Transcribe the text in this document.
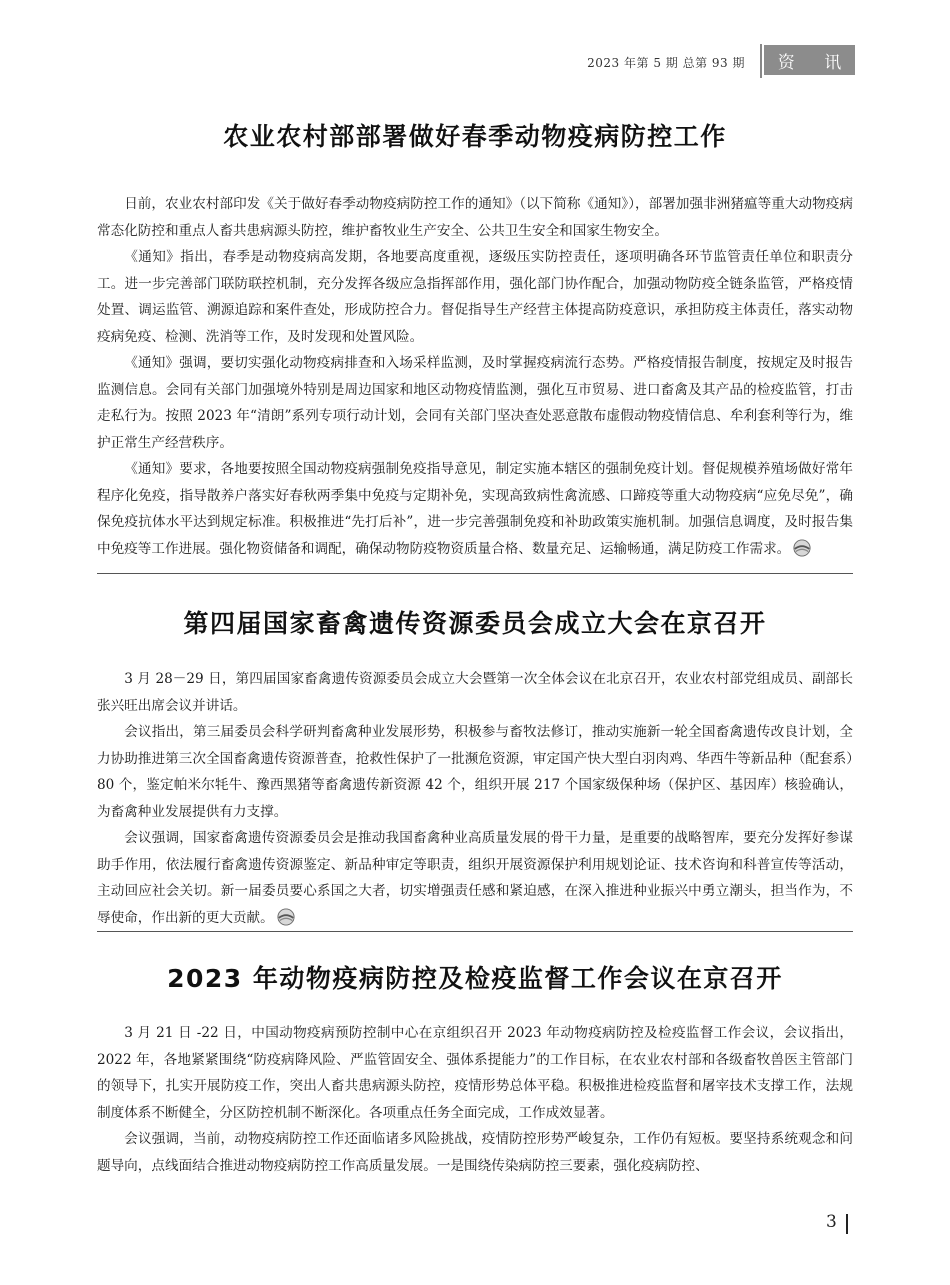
2023 年第 5 期 总第 93 期	资 讯
农业农村部部署做好春季动物疫病防控工作

日前，农业农村部印发《关于做好春季动物疫病防控工作的通知》（以下简称《通知》），部署加强非洲猪瘟等重大动物疫病常态化防控和重点人畜共患病源头防控，维护畜牧业生产安全、公共卫生安全和国家生物安全。

《通知》指出，春季是动物疫病高发期，各地要高度重视，逐级压实防控责任，逐项明确各环节监管责任单位和职责分工。进一步完善部门联防联控机制，充分发挥各级应急指挥部作用，强化部门协作配合，加强动物防疫全链条监管，严格疫情处置、调运监管、溯源追踪和案件查处，形成防控合力。督促指导生产经营主体提高防疫意识，承担防疫主体责任，落实动物疫病免疫、检测、洗消等工作，及时发现和处置风险。

《通知》强调，要切实强化动物疫病排查和入场采样监测，及时掌握疫病流行态势。严格疫情报告制度，按规定及时报告监测信息。会同有关部门加强境外特别是周边国家和地区动物疫情监测，强化互市贸易、进口畜禽及其产品的检疫监管，打击走私行为。按照 2023 年“清朗”系列专项行动计划，会同有关部门坚决查处恶意散布虚假动物疫情信息、牟利套利等行为，维护正常生产经营秩序。

《通知》要求，各地要按照全国动物疫病强制免疫指导意见，制定实施本辖区的强制免疫计划。督促规模养殖场做好常年程序化免疫，指导散养户落实好春秋两季集中免疫与定期补免，实现高致病性禽流感、口蹄疫等重大动物疫病“应免尽免”，确保免疫抗体水平达到规定标准。积极推进“先打后补”，进一步完善强制免疫和补助政策实施机制。加强信息调度，及时报告集中免疫等工作进展。强化物资储备和调配，确保动物防疫物资质量合格、数量充足、运输畅通，满足防疫工作需求。

第四届国家畜禽遗传资源委员会成立大会在京召开

3 月 28－29 日，第四届国家畜禽遗传资源委员会成立大会暨第一次全体会议在北京召开，农业农村部党组成员、副部长张兴旺出席会议并讲话。

会议指出，第三届委员会科学研判畜禽种业发展形势，积极参与畜牧法修订，推动实施新一轮全国畜禽遗传改良计划，全力协助推进第三次全国畜禽遗传资源普查，抢救性保护了一批濒危资源，审定国产快大型白羽肉鸡、华西牛等新品种（配套系）80 个，鉴定帕米尔牦牛、豫西黑猪等畜禽遗传新资源 42 个，组织开展 217 个国家级保种场（保护区、基因库）核验确认，为畜禽种业发展提供有力支撑。

会议强调，国家畜禽遗传资源委员会是推动我国畜禽种业高质量发展的骨干力量，是重要的战略智库，要充分发挥好参谋助手作用，依法履行畜禽遗传资源鉴定、新品种审定等职责，组织开展资源保护利用规划论证、技术咨询和科普宣传等活动，主动回应社会关切。新一届委员要心系国之大者，切实增强责任感和紧迫感，在深入推进种业振兴中勇立潮头，担当作为，不辱使命，作出新的更大贡献。

2023 年动物疫病防控及检疫监督工作会议在京召开

3 月 21 日 -22 日，中国动物疫病预防控制中心在京组织召开 2023 年动物疫病防控及检疫监督工作会议，会议指出，2022 年，各地紧紧围绕“防疫病降风险、严监管固安全、强体系提能力”的工作目标，在农业农村部和各级畜牧兽医主管部门的领导下，扎实开展防疫工作，突出人畜共患病源头防控，疫情形势总体平稳。积极推进检疫监督和屠宰技术支撑工作，法规制度体系不断健全，分区防控机制不断深化。各项重点任务全面完成，工作成效显著。

会议强调，当前，动物疫病防控工作还面临诸多风险挑战，疫情防控形势严峻复杂，工作仍有短板。要坚持系统观念和问题导向，点线面结合推进动物疫病防控工作高质量发展。一是围绕传染病防控三要素，强化疫病防控、

3
